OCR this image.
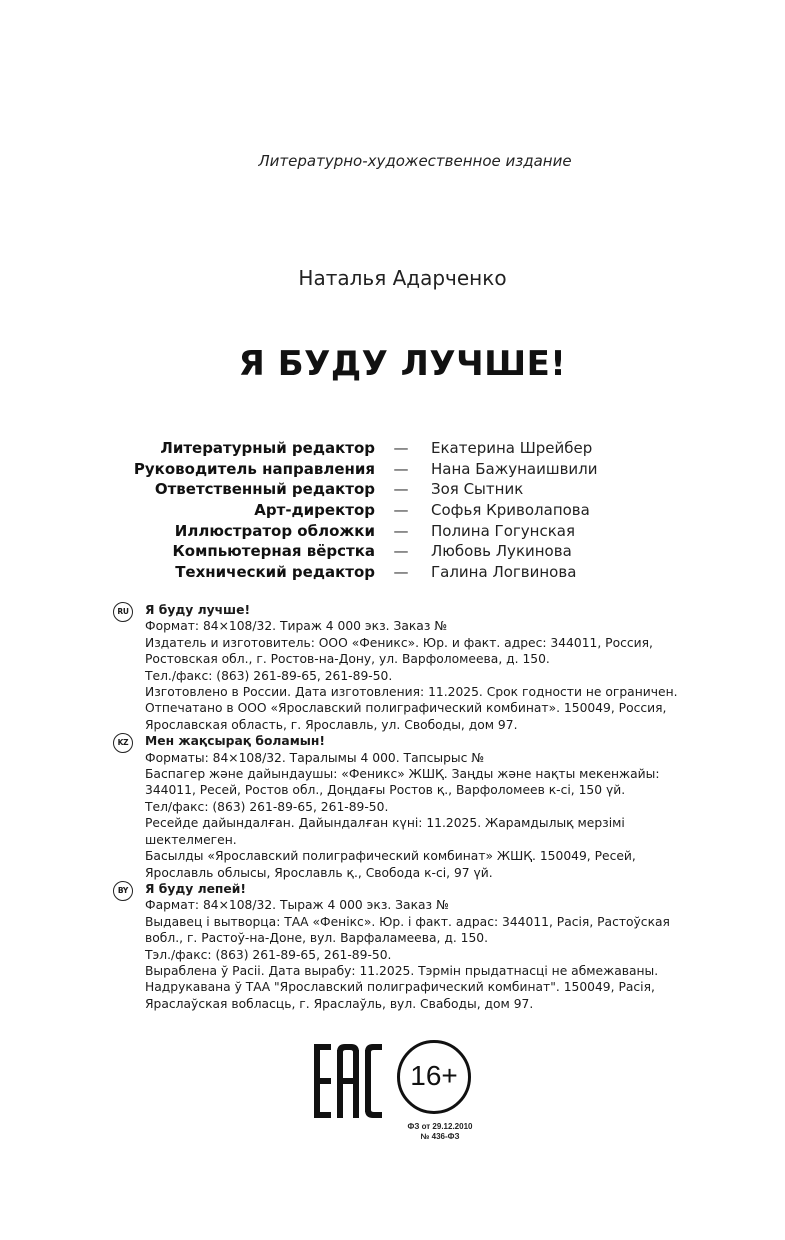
Литературно-художественное издание
Наталья Адарченко
Я БУДУ ЛУЧШЕ!
Литературный редактор — Екатерина Шрейбер
Руководитель направления — Нана Бажунаишвили
Ответственный редактор — Зоя Сытник
Арт-директор — Софья Криволапова
Иллюстратор обложки — Полина Гогунская
Компьютерная вёрстка — Любовь Лукинова
Технический редактор — Галина Логвинова
RU	Я буду лучше!
Формат: 84×108/32. Тираж 4 000 экз. Заказ №
Издатель и изготовитель: ООО «Феникс». Юр. и факт. адрес: 344011, Россия,
Ростовская обл., г. Ростов-на-Дону, ул. Варфоломеева, д. 150.
Тел./факс: (863) 261-89-65, 261-89-50.
Изготовлено в России. Дата изготовления: 11.2025. Срок годности не ограничен.
Отпечатано в ООО «Ярославский полиграфический комбинат». 150049, Россия,
Ярославская область, г. Ярославль, ул. Свободы, дом 97.
KZ	Мен жақсырақ боламын!
Форматы: 84×108/32. Таралымы 4 000. Тапсырыс №
Баспагер және дайындаушы: «Феникс» ЖШҚ. Заңды және нақты мекенжайы:
344011, Ресей, Ростов обл., Доңдағы Ростов қ., Варфоломеев к-сі, 150 үй.
Тел/факс: (863) 261-89-65, 261-89-50.
Ресейде дайындалған. Дайындалған күні: 11.2025. Жарамдылық мерзімі
шектелмеген.
Басылды «Ярославский полиграфический комбинат» ЖШҚ. 150049, Ресей,
Ярославль облысы, Ярославль қ., Свобода к-сі, 97 үй.
BY	Я буду лепей!
Фармат: 84×108/32. Тыраж 4 000 экз. Заказ №
Выдавец і вытворца: ТАА «Фенікс». Юр. і факт. адрас: 344011, Расія, Растоўская
вобл., г. Растоў-на-Доне, вул. Варфаламеева, д. 150.
Тэл./факс: (863) 261-89-65, 261-89-50.
Выраблена ў Расіі. Дата вырабу: 11.2025. Тэрмін прыдатнасці не абмежаваны.
Надрукавана ў ТАА "Ярославский полиграфический комбинат". 150049, Расія,
Яраслаўская вобласць, г. Яраслаўль, вул. Свабоды, дом 97.
16+
ФЗ от 29.12.2010
№ 436-ФЗ
